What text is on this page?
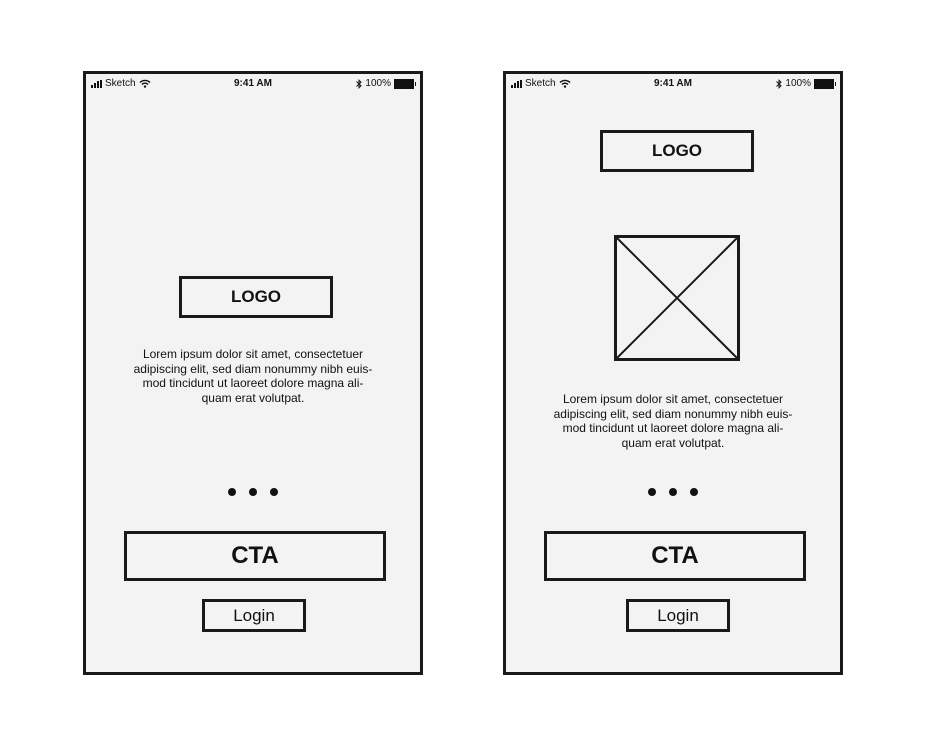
Sketch	9:41 AM	100%
LOGO
Lorem ipsum dolor sit amet, consectetuer
adipiscing elit, sed diam nonummy nibh euis-
mod tincidunt ut laoreet dolore magna ali-
quam erat volutpat.
CTA
Login
Sketch	9:41 AM	100%
LOGO
Lorem ipsum dolor sit amet, consectetuer
adipiscing elit, sed diam nonummy nibh euis-
mod tincidunt ut laoreet dolore magna ali-
quam erat volutpat.
CTA
Login
